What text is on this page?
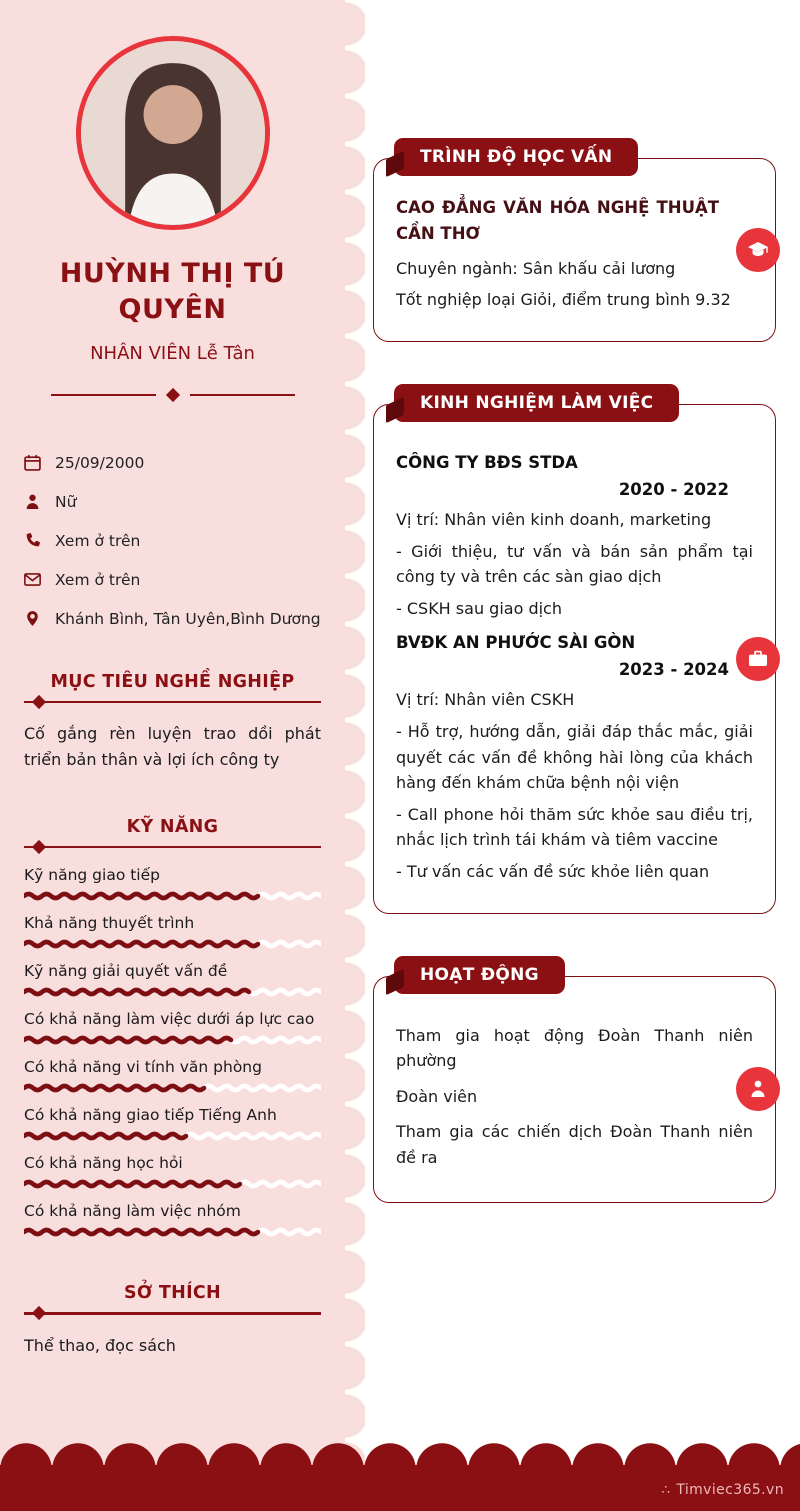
HUỲNH THỊ TÚ QUYÊN
NHÂN VIÊN Lễ Tân
25/09/2000
Nữ
Xem ở trên
Xem ở trên
Khánh Bình, Tân Uyên,Bình Dương
MỤC TIÊU NGHỀ NGHIỆP

Cố gắng rèn luyện trao dồi phát triển bản thân và lợi ích công ty

KỸ NĂNG
Kỹ năng giao tiếp
Khả năng thuyết trình
Kỹ năng giải quyết vấn đề
Có khả năng làm việc dưới áp lực cao
Có khả năng vi tính văn phòng
Có khả năng giao tiếp Tiếng Anh
Có khả năng học hỏi
Có khả năng làm việc nhóm
SỞ THÍCH

Thể thao, đọc sách

TRÌNH ĐỘ HỌC VẤN
CAO ĐẲNG VĂN HÓA NGHỆ THUẬT CẦN THƠ

Chuyên ngành: Sân khấu cải lương

Tốt nghiệp loại Giỏi, điểm trung bình 9.32

KINH NGHIỆM LÀM VIỆC
CÔNG TY BĐS STDA
2020 - 2022

Vị trí: Nhân viên kinh doanh, marketing

- Giới thiệu, tư vấn và bán sản phẩm tại công ty và trên các sàn giao dịch

- CSKH sau giao dịch

BVĐK AN PHƯỚC SÀI GÒN
2023 - 2024

Vị trí: Nhân viên CSKH

- Hỗ trợ, hướng dẫn, giải đáp thắc mắc, giải quyết các vấn đề không hài lòng của khách hàng đến khám chữa bệnh nội viện

- Call phone hỏi thăm sức khỏe sau điều trị, nhắc lịch trình tái khám và tiêm vaccine

- Tư vấn các vấn đề sức khỏe liên quan

HOẠT ĐỘNG

Tham gia hoạt động Đoàn Thanh niên phường

Đoàn viên

Tham gia các chiến dịch Đoàn Thanh niên đề ra

∴ Timviec365.vn
